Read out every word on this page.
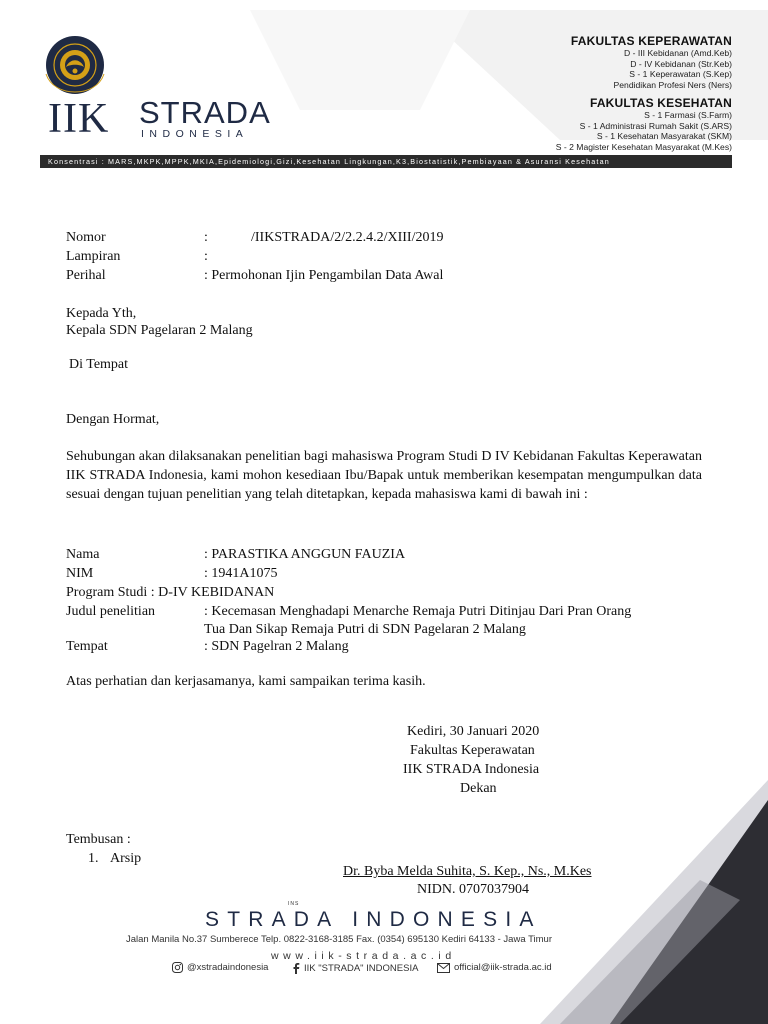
IIK STRADA
INDONESIA
FAKULTAS KEPERAWATAN
D - III Kebidanan (Amd.Keb)
D - IV Kebidanan (Str.Keb)
S - 1 Keperawatan (S.Kep)
Pendidikan Profesi Ners (Ners)
FAKULTAS KESEHATAN
S - 1 Farmasi (S.Farm)
S - 1 Administrasi Rumah Sakit (S.ARS)
S - 1 Kesehatan Masyarakat (SKM)
S - 2 Magister Kesehatan Masyarakat (M.Kes)
Konsentrasi : MARS,MKPK,MPPK,MKIA,Epidemiologi,Gizi,Kesehatan Lingkungan,K3,Biostatistik,Pembiayaan & Asuransi Kesehatan
Nomor	:	/IIKSTRADA/2/2.2.4.2/XIII/2019
Lampiran	:
Perihal	: Permohonan Ijin Pengambilan Data Awal
Kepada Yth,
Kepala SDN Pagelaran 2 Malang
Di Tempat
Dengan Hormat,
Sehubungan akan dilaksanakan penelitian bagi mahasiswa Program Studi D IV Kebidanan Fakultas Keperawatan IIK STRADA Indonesia, kami mohon kesediaan Ibu/Bapak untuk memberikan kesempatan mengumpulkan data sesuai dengan tujuan penelitian yang telah ditetapkan, kepada mahasiswa kami di bawah ini :
Nama	: PARASTIKA ANGGUN FAUZIA
NIM	: 1941A1075
Program Studi : D-IV KEBIDANAN
Judul penelitian	: Kecemasan Menghadapi Menarche Remaja Putri Ditinjau Dari Pran Orang
Tua Dan Sikap Remaja Putri di SDN Pagelaran 2 Malang
Tempat	: SDN Pagelran 2 Malang
Atas perhatian dan kerjasamanya, kami sampaikan terima kasih.
Kediri, 30 Januari 2020
Fakultas Keperawatan
IIK STRADA Indonesia
Dekan
Tembusan :
1. Arsip
Dr. Byba Melda Suhita, S. Kep., Ns., M.Kes
NIDN. 0707037904
INS
STRADA INDONESIA
Jalan Manila No.37 Sumberece Telp. 0822-3168-3185 Fax. (0354) 695130 Kediri 64133 - Jawa Timur
www.iik-strada.ac.id
@xstradaindonesia	IIK "STRADA" INDONESIA	official@iik-strada.ac.id
